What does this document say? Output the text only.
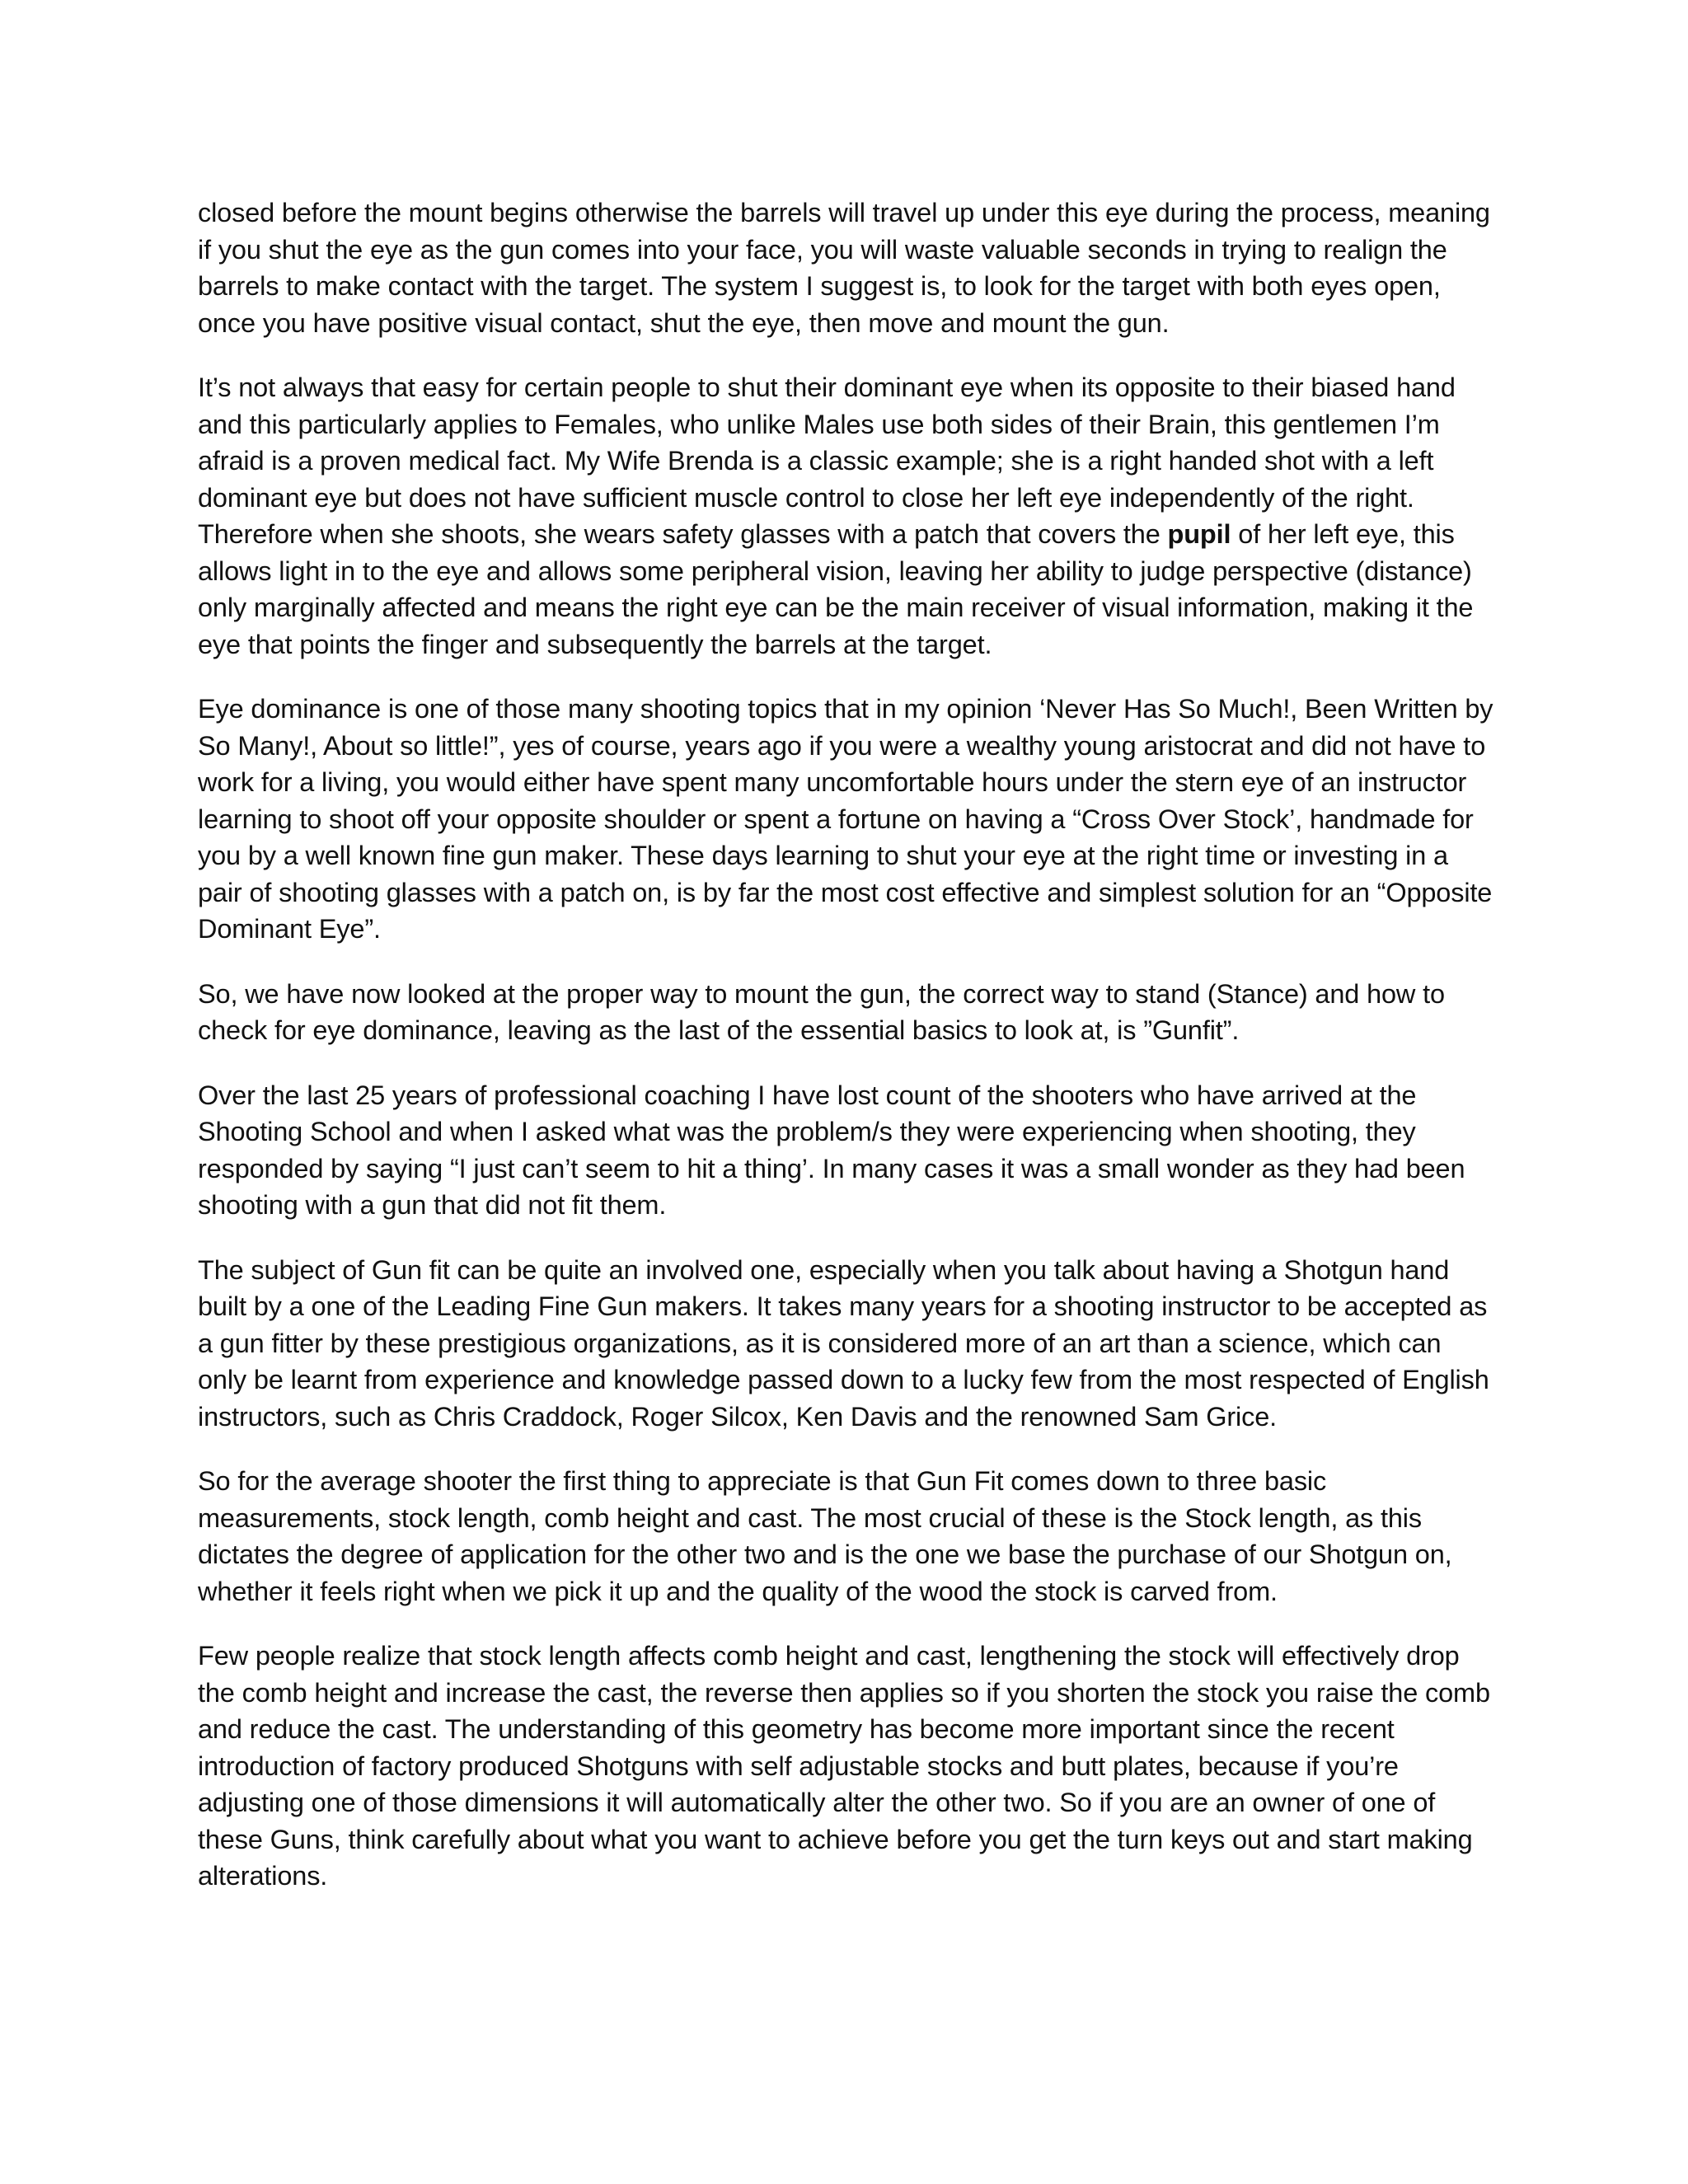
closed before the mount begins otherwise the barrels will travel up under this eye during the process, meaning if you shut the eye as the gun comes into your face, you will waste valuable seconds in trying to realign the barrels to make contact with the target. The system I suggest is, to look for the target with both eyes open, once you have positive visual contact, shut the eye, then move and mount the gun.

It’s not always that easy for certain people to shut their dominant eye when its opposite to their biased hand and this particularly applies to Females, who unlike Males use both sides of their Brain, this gentlemen I’m afraid is a proven medical fact. My Wife Brenda is a classic example; she is a right handed shot with a left dominant eye but does not have sufficient muscle control to close her left eye independently of the right. Therefore when she shoots, she wears safety glasses with a patch that covers the pupil of her left eye, this allows light in to the eye and allows some peripheral vision, leaving her ability to judge perspective (distance) only marginally affected and means the right eye can be the main receiver of visual information, making it the eye that points the finger and subsequently the barrels at the target.

Eye dominance is one of those many shooting topics that in my opinion ‘Never Has So Much!, Been Written by So Many!, About so little!”, yes of course, years ago if you were a wealthy young aristocrat and did not have to work for a living, you would either have spent many uncomfortable hours under the stern eye of an instructor learning to shoot off your opposite shoulder or spent a fortune on having a “Cross Over Stock’, handmade for you by a well known fine gun maker. These days learning to shut your eye at the right time or investing in a pair of shooting glasses with a patch on, is by far the most cost effective and simplest solution for an “Opposite Dominant Eye”.

So, we have now looked at the proper way to mount the gun, the correct way to stand (Stance) and how to check for eye dominance, leaving as the last of the essential basics to look at, is ”Gunfit”.

Over the last 25 years of professional coaching I have lost count of the shooters who have arrived at the Shooting School and when I asked what was the problem/s they were experiencing when shooting, they responded by saying “I just can’t seem to hit a thing’. In many cases it was a small wonder as they had been shooting with a gun that did not fit them.

The subject of Gun fit can be quite an involved one, especially when you talk about having a Shotgun hand built by a one of the Leading Fine Gun makers. It takes many years for a shooting instructor to be accepted as a gun fitter by these prestigious organizations, as it is considered more of an art than a science, which can only be learnt from experience and knowledge passed down to a lucky few from the most respected of English instructors, such as Chris Craddock, Roger Silcox, Ken Davis and the renowned Sam Grice.

So for the average shooter the first thing to appreciate is that Gun Fit comes down to three basic measurements, stock length, comb height and cast. The most crucial of these is the Stock length, as this dictates the degree of application for the other two and is the one we base the purchase of our Shotgun on, whether it feels right when we pick it up and the quality of the wood the stock is carved from.

Few people realize that stock length affects comb height and cast, lengthening the stock will effectively drop the comb height and increase the cast, the reverse then applies so if you shorten the stock you raise the comb and reduce the cast. The understanding of this geometry has become more important since the recent introduction of factory produced Shotguns with self adjustable stocks and butt plates, because if you’re adjusting one of those dimensions it will automatically alter the other two. So if you are an owner of one of these Guns, think carefully about what you want to achieve before you get the turn keys out and start making alterations.
